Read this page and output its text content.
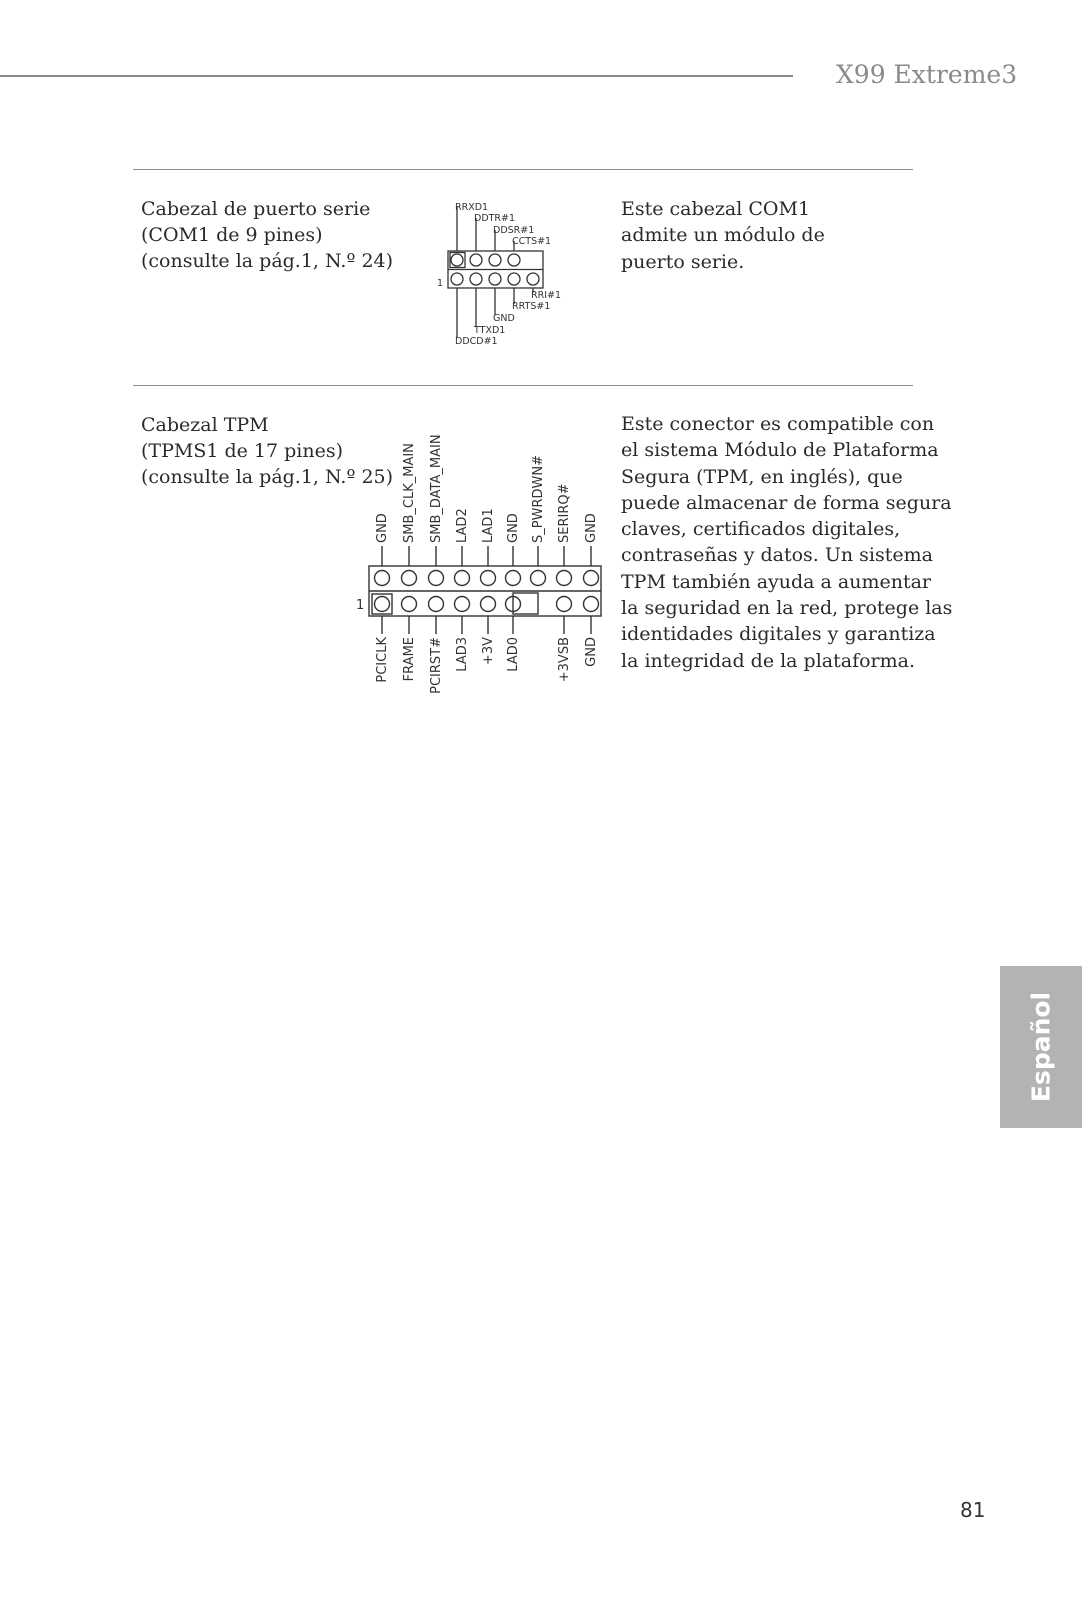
X99 Extreme3
Cabezal de puerto serie
(COM1 de 9 pines)
(consulte la pág.1, N.º 24)
RRXD1
DDTR#1
DDSR#1
CCTS#1
RRI#1
RRTS#1
GND
TTXD1
DDCD#1
1
Este cabezal COM1
admite un módulo de
puerto serie.
Cabezal TPM
(TPMS1 de 17 pines)
(consulte la pág.1, N.º 25)
GND SMB_CLK_MAIN SMB_DATA_MAIN LAD2 LAD1 GND S_PWRDWN# SERIRQ# GND
PCICLK FRAME PCIRST# LAD3 +3V LAD0	+3VSB GND
1
Este conector es compatible con
el sistema Módulo de Plataforma
Segura (TPM, en inglés), que
puede almacenar de forma segura
claves, certificados digitales,
contraseñas y datos. Un sistema
TPM también ayuda a aumentar
la seguridad en la red, protege las
identidades digitales y garantiza
la integridad de la plataforma.
Español
81
